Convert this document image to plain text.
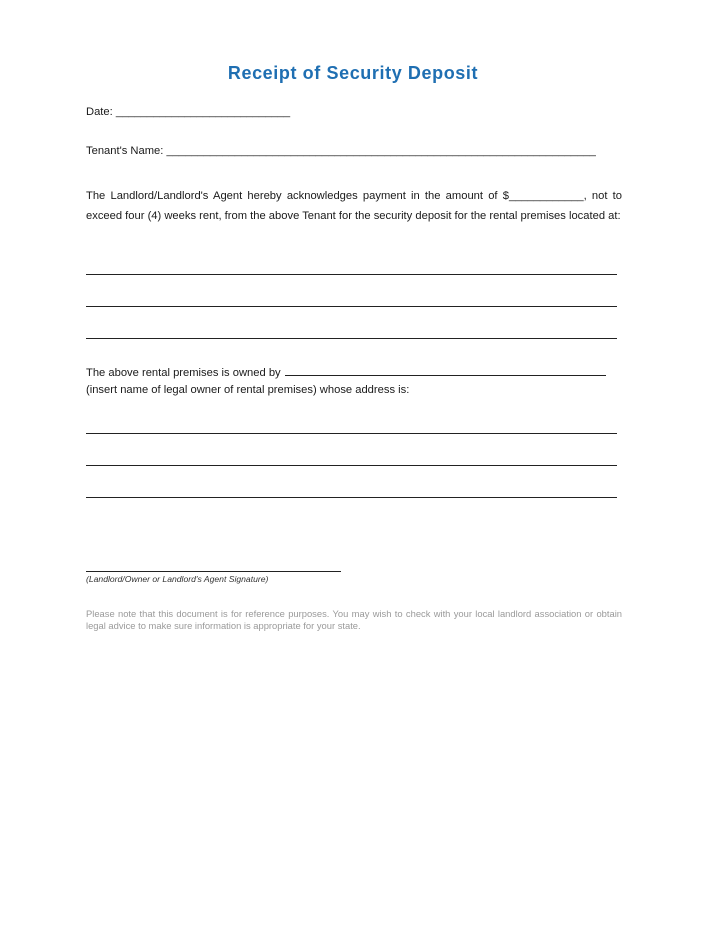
Receipt of Security Deposit
Date: ____________________________
Tenant's Name: _____________________________________________________________________
The Landlord/Landlord's Agent hereby acknowledges payment in the amount of $____________, not to exceed four (4) weeks rent, from the above Tenant for the security deposit for the rental premises located at:
The above rental premises is owned by
(insert name of legal owner of rental premises) whose address is:
(Landlord/Owner or Landlord's Agent Signature)
Please note that this document is for reference purposes. You may wish to check with your local landlord association or obtain legal advice to make sure information is appropriate for your state.
